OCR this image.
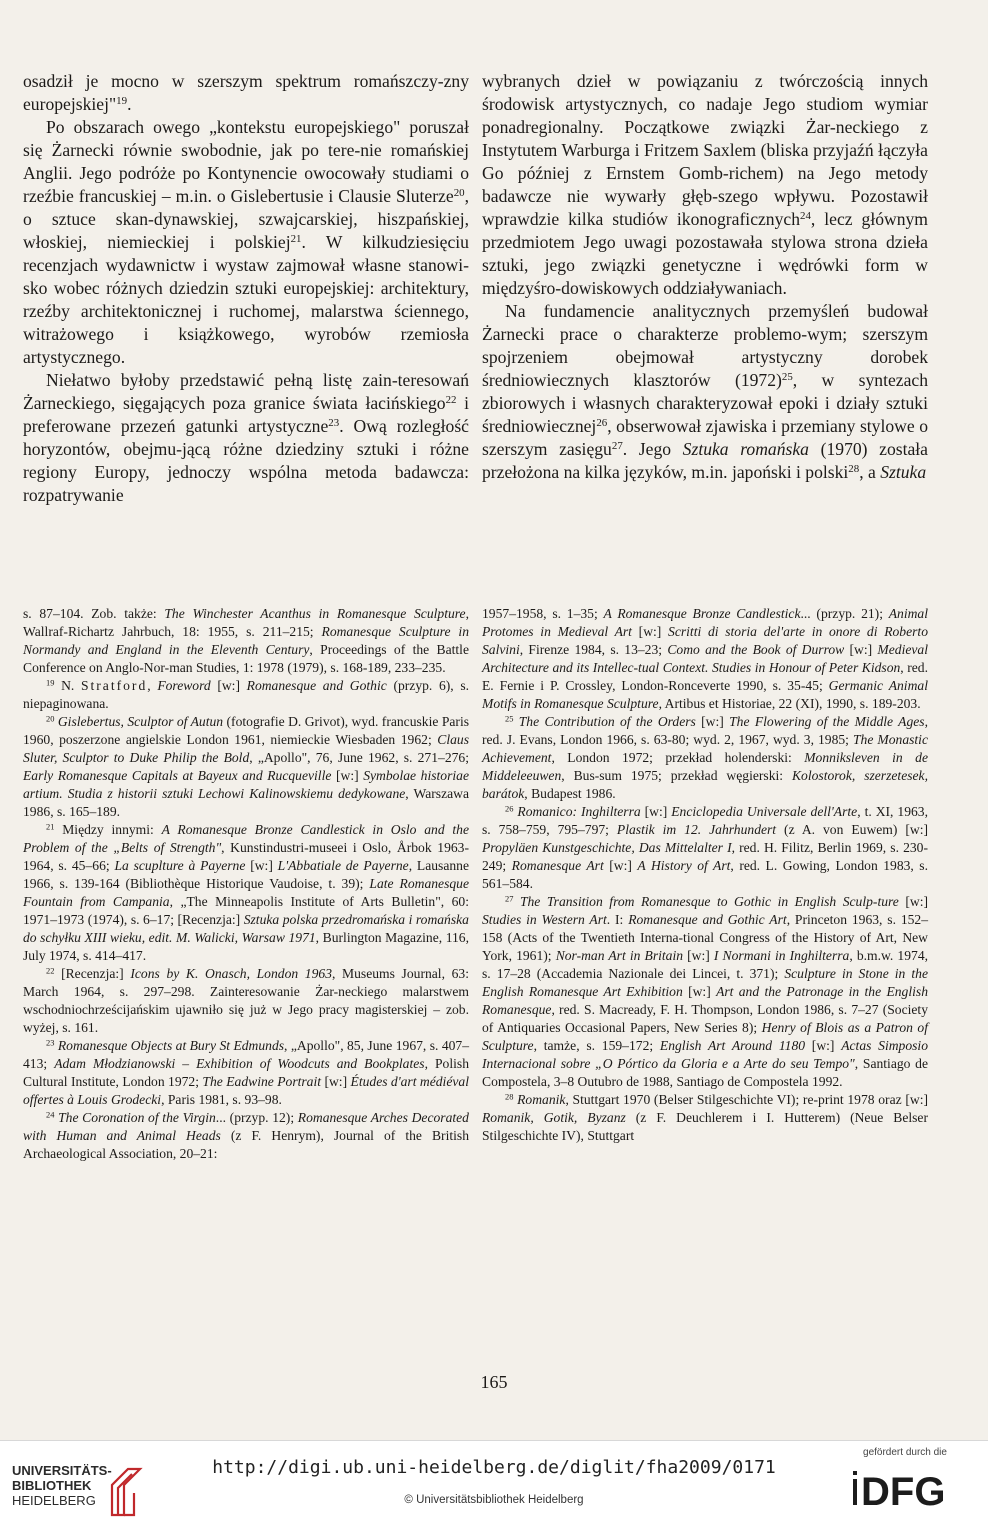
osadził je mocno w szerszym spektrum romańszczy-zny europejskiej"$^{19}$.

Po obszarach owego „kontekstu europejskiego" poruszał się Żarnecki równie swobodnie, jak po tere-nie romańskiej Anglii. Jego podróże po Kontynencie owocowały studiami o rzeźbie francuskiej – m.in. o Gislebertusie i Clausie Sluterze$^{20}$, o sztuce skan-dynawskiej, szwajcarskiej, hiszpańskiej, włoskiej, niemieckiej i polskiej$^{21}$. W kilkudziesięciu recenzjach wydawnictw i wystaw zajmował własne stanowi-sko wobec różnych dziedzin sztuki europejskiej: architektury, rzeźby architektonicznej i ruchomej, malarstwa ściennego, witrażowego i książkowego, wyrobów rzemiosła artystycznego.

Niełatwo byłoby przedstawić pełną listę zain-teresowań Żarneckiego, sięgających poza granice świata łacińskiego$^{22}$ i preferowane przezeń gatunki artystyczne$^{23}$. Ową rozległość horyzontów, obejmu-jącą różne dziedziny sztuki i różne regiony Europy, jednoczy wspólna metoda badawcza: rozpatrywanie

wybranych dzieł w powiązaniu z twórczością innych środowisk artystycznych, co nadaje Jego studiom wymiar ponadregionalny. Początkowe związki Żar-neckiego z Instytutem Warburga i Fritzem Saxlem (bliska przyjaźń łączyła Go później z Ernstem Gomb-richem) na Jego metody badawcze nie wywarły głęb-szego wpływu. Pozostawił wprawdzie kilka studiów ikonograficznych$^{24}$, lecz głównym przedmiotem Jego uwagi pozostawała stylowa strona dzieła sztuki, jego związki genetyczne i wędrówki form w międzyśro-dowiskowych oddziaływaniach.

Na fundamencie analitycznych przemyśleń budował Żarnecki prace o charakterze problemo-wym; szerszym spojrzeniem obejmował artystyczny dorobek średniowiecznych klasztorów $(1972)^{25}$, w syntezach zbiorowych i własnych charakteryzował epoki i działy sztuki średniowiecznej$^{26}$, obserwował zjawiska i przemiany stylowe o szerszym zasięgu$^{27}$. Jego Sztuka romańska (1970) została przełożona na kilka języków, m.in. japoński i polski$^{28}$, a Sztuka

s. 87–104. Zob. także: The Winchester Acanthus in Romanesque Sculpture, Wallraf-Richartz Jahrbuch, 18: 1955, s. 211–215; Romanesque Sculpture in Normandy and England in the Eleventh Century, Proceedings of the Battle Conference on Anglo-Nor-man Studies, 1: 1978 (1979), s. 168-189, 233–235.

$^{19}$ N. Stratford, Foreword [w:] Romanesque and Gothic (przyp. 6), s. niepaginowana.

$^{20}$ Gislebertus, Sculptor of Autun (fotografie D. Grivot), wyd. francuskie Paris 1960, poszerzone angielskie London 1961, niemieckie Wiesbaden 1962; Claus Sluter, Sculptor to Duke Philip the Bold, „Apollo", 76, June 1962, s. 271–276; Early Romanesque Capitals at Bayeux and Rucqueville [w:] Symbolae historiae artium. Studia z historii sztuki Lechowi Kalinowskiemu dedykowane, Warszawa 1986, s. 165–189.

$^{21}$ Między innymi: A Romanesque Bronze Candlestick in Oslo and the Problem of the „Belts of Strength", Kunstindustri-museei i Oslo, Årbok 1963-1964, s. 45–66; La scuplture à Payerne [w:] L'Abbatiale de Payerne, Lausanne 1966, s. 139-164 (Bibliothèque Historique Vaudoise, t. 39); Late Romanesque Fountain from Campania, „The Minneapolis Institute of Arts Bulletin", 60: 1971–1973 (1974), s. 6–17; [Recenzja:] Sztuka polska przedromańska i romańska do schyłku XIII wieku, edit. M. Walicki, Warsaw 1971, Burlington Magazine, 116, July 1974, s. 414–417.

$^{22}$ [Recenzja:] Icons by K. Onasch, London 1963, Museums Journal, 63: March 1964, s. 297–298. Zainteresowanie Żar-neckiego malarstwem wschodniochrześcijańskim ujawniło się już w Jego pracy magisterskiej – zob. wyżej, s. 161.

$^{23}$ Romanesque Objects at Bury St Edmunds, „Apollo", 85, June 1967, s. 407–413; Adam Młodzianowski – Exhibition of Woodcuts and Bookplates, Polish Cultural Institute, London 1972; The Eadwine Portrait [w:] Études d'art médiéval offertes à Louis Grodecki, Paris 1981, s. 93–98.

$^{24}$ The Coronation of the Virgin... (przyp. 12); Romanesque Arches Decorated with Human and Animal Heads (z F. Henrym), Journal of the British Archaeological Association, 20–21:

1957–1958, s. 1–35; A Romanesque Bronze Candlestick... (przyp. 21); Animal Protomes in Medieval Art [w:] Scritti di storia del'arte in onore di Roberto Salvini, Firenze 1984, s. 13–23; Como and the Book of Durrow [w:] Medieval Architecture and its Intellec-tual Context. Studies in Honour of Peter Kidson, red. E. Fernie i P. Crossley, London-Ronceverte 1990, s. 35-45; Germanic Animal Motifs in Romanesque Sculpture, Artibus et Historiae, 22 (XI), 1990, s. 189-203.

$^{25}$ The Contribution of the Orders [w:] The Flowering of the Middle Ages, red. J. Evans, London 1966, s. 63-80; wyd. 2, 1967, wyd. 3, 1985; The Monastic Achievement, London 1972; przekład holenderski: Monniksleven in de Middeleeuwen, Bus-sum 1975; przekład węgierski: Kolostorok, szerzetesek, barátok, Budapest 1986.

$^{26}$ Romanico: Inghilterra [w:] Enciclopedia Universale dell'Arte, t. XI, 1963, s. 758–759, 795–797; Plastik im 12. Jahrhundert (z A. von Euwem) [w:] Propyläen Kunstgeschichte, Das Mittelalter I, red. H. Filitz, Berlin 1969, s. 230-249; Romanesque Art [w:] A History of Art, red. L. Gowing, London 1983, s. 561–584.

$^{27}$ The Transition from Romanesque to Gothic in English Sculp-ture [w:] Studies in Western Art. I: Romanesque and Gothic Art, Princeton 1963, s. 152–158 (Acts of the Twentieth Interna-tional Congress of the History of Art, New York, 1961); Nor-man Art in Britain [w:] I Normani in Inghilterra, b.m.w. 1974, s. 17–28 (Accademia Nazionale dei Lincei, t. 371); Sculpture in Stone in the English Romanesque Art Exhibition [w:] Art and the Patronage in the English Romanesque, red. S. Macready, F. H. Thompson, London 1986, s. 7–27 (Society of Antiquaries Occasional Papers, New Series 8); Henry of Blois as a Patron of Sculpture, tamże, s. 159–172; English Art Around 1180 [w:] Actas Simposio Internacional sobre „O Pórtico da Gloria e a Arte do seu Tempo", Santiago de Compostela, 3–8 Outubro de 1988, Santiago de Compostela 1992.

$^{28}$ Romanik, Stuttgart 1970 (Belser Stilgeschichte VI); re-print 1978 oraz [w:] Romanik, Gotik, Byzanz (z F. Deuchlerem i I. Hutterem) (Neue Belser Stilgeschichte IV), Stuttgart

165
UNIVERSITÄTS-
BIBLIOTHEK
HEIDELBERG
http://digi.ub.uni-heidelberg.de/diglit/fha2009/0171
© Universitätsbibliothek Heidelberg
gefördert durch die
DFG
